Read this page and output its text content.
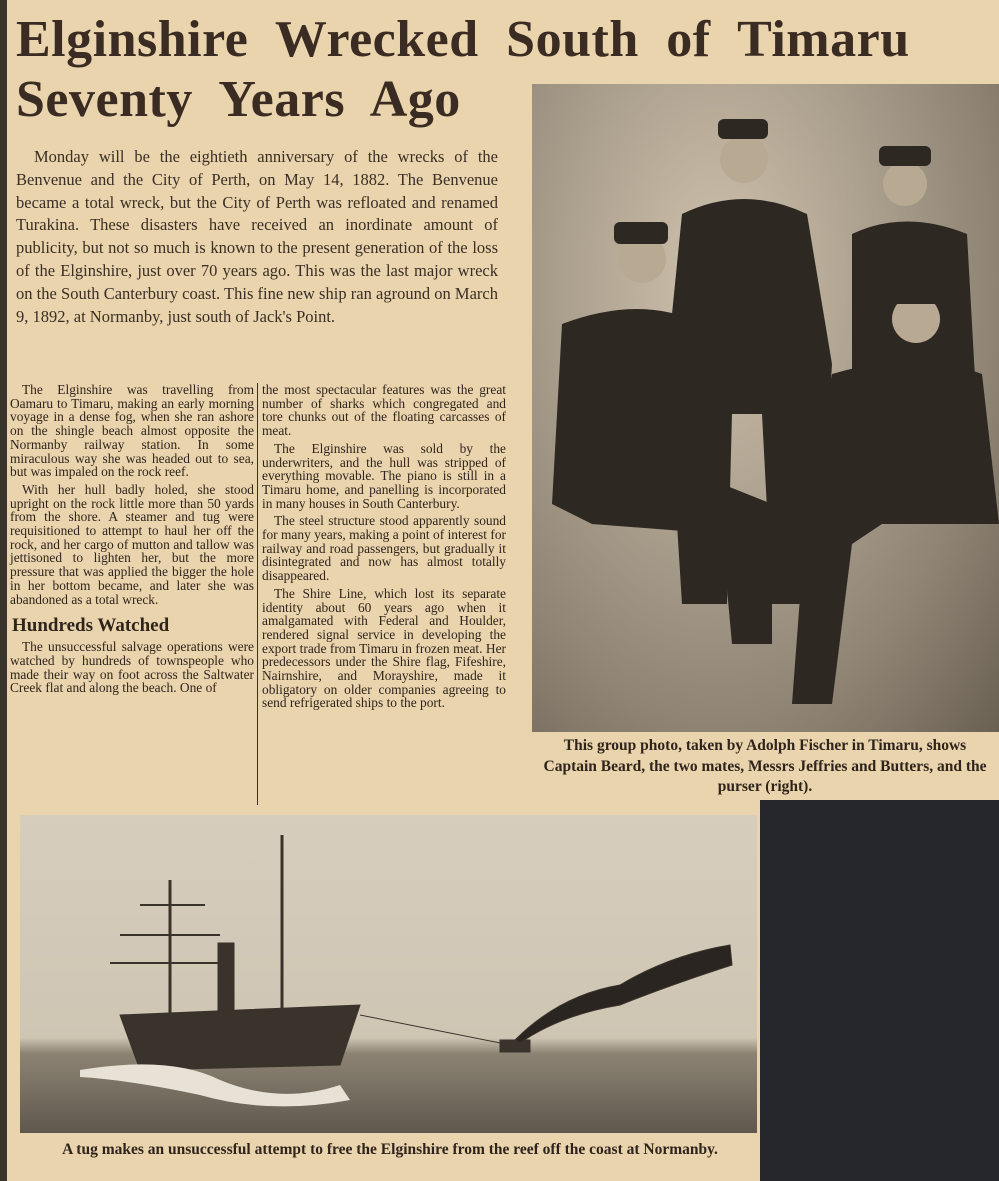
Elginshire Wrecked South of Timaru Seventy Years Ago

Monday will be the eightieth anniversary of the wrecks of the Benvenue and the City of Perth, on May 14, 1882. The Benvenue became a total wreck, but the City of Perth was refloated and renamed Turakina. These disasters have received an inordinate amount of publicity, but not so much is known to the present generation of the loss of the Elginshire, just over 70 years ago. This was the last major wreck on the South Canterbury coast. This fine new ship ran aground on March 9, 1892, at Normanby, just south of Jack's Point.

The Elginshire was travelling from Oamaru to Timaru, making an early morning voyage in a dense fog, when she ran ashore on the shingle beach almost opposite the Normanby railway station. In some miraculous way she was headed out to sea, but was impaled on the rock reef.

With her hull badly holed, she stood upright on the rock little more than 50 yards from the shore. A steamer and tug were requisitioned to attempt to haul her off the rock, and her cargo of mutton and tallow was jettisoned to lighten her, but the more pressure that was applied the bigger the hole in her bottom became, and later she was abandoned as a total wreck.

Hundreds Watched

The unsuccessful salvage operations were watched by hundreds of townspeople who made their way on foot across the Saltwater Creek flat and along the beach. One of

the most spectacular features was the great number of sharks which congregated and tore chunks out of the floating carcasses of meat.

The Elginshire was sold by the underwriters, and the hull was stripped of everything movable. The piano is still in a Timaru home, and panelling is incorporated in many houses in South Canterbury.

The steel structure stood apparently sound for many years, making a point of interest for railway and road passengers, but gradually it disintegrated and now has almost totally disappeared.

The Shire Line, which lost its separate identity about 60 years ago when it amalgamated with Federal and Houlder, rendered signal service in developing the export trade from Timaru in frozen meat. Her predecessors under the Shire flag, Fifeshire, Nairnshire, and Morayshire, made it obligatory on older companies agreeing to send refrigerated ships to the port.

This group photo, taken by Adolph Fischer in Timaru, shows Captain Beard, the two mates, Messrs Jeffries and Butters, and the purser (right).

A tug makes an unsuccessful attempt to free the Elginshire from the reef off the coast at Normanby.
